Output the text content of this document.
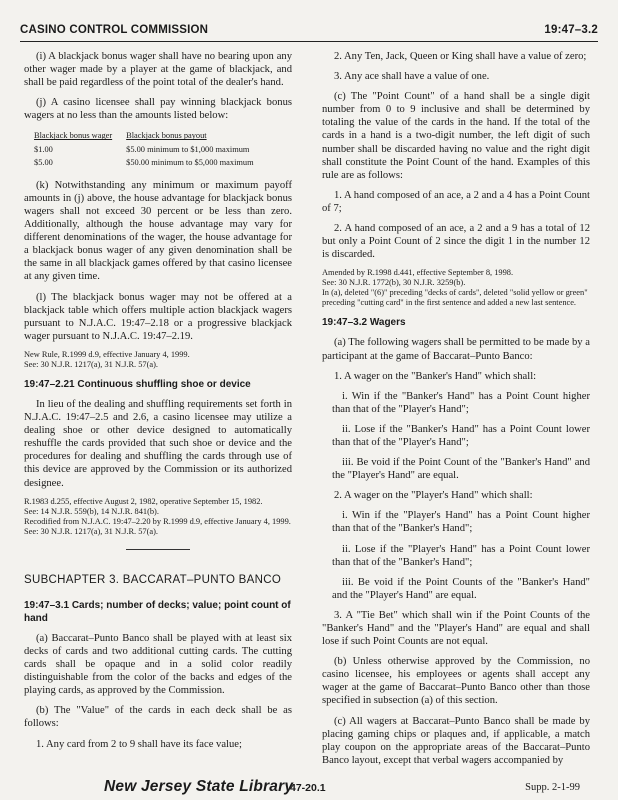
CASINO CONTROL COMMISSION	19:47–3.2

(i) A blackjack bonus wager shall have no bearing upon any other wager made by a player at the game of blackjack, and shall be paid regardless of the point total of the dealer's hand.

(j) A casino licensee shall pay winning blackjack bonus wagers at no less than the amounts listed below:

Blackjack bonus wager	Blackjack bonus payout
$1.00	$5.00 minimum to $1,000 maximum
$5.00	$50.00 minimum to $5,000 maximum

(k) Notwithstanding any minimum or maximum payoff amounts in (j) above, the house advantage for blackjack bonus wagers shall not exceed 30 percent or be less than zero. Additionally, although the house advantage may vary for different denominations of the wager, the house advantage for a blackjack bonus wager of any given denomination shall be the same in all blackjack games offered by that casino licensee at any given time.

(l) The blackjack bonus wager may not be offered at a blackjack table which offers multiple action blackjack wagers pursuant to N.J.A.C. 19:47–2.18 or a progressive blackjack wager pursuant to N.J.A.C. 19:47–2.19.

New Rule, R.1999 d.9, effective January 4, 1999.
See: 30 N.J.R. 1217(a), 31 N.J.R. 57(a).
19:47–2.21 Continuous shuffling shoe or device

In lieu of the dealing and shuffling requirements set forth in N.J.A.C. 19:47–2.5 and 2.6, a casino licensee may utilize a dealing shoe or other device designed to automatically reshuffle the cards provided that such shoe or device and the procedures for dealing and shuffling the cards through use of this device are approved by the Commission or its authorized designee.

R.1983 d.255, effective August 2, 1982, operative September 15, 1982.
See: 14 N.J.R. 559(b), 14 N.J.R. 841(b).
Recodified from N.J.A.C. 19:47–2.20 by R.1999 d.9, effective January 4, 1999.
See: 30 N.J.R. 1217(a), 31 N.J.R. 57(a).
SUBCHAPTER 3. BACCARAT–PUNTO BANCO
19:47–3.1 Cards; number of decks; value; point count of hand

(a) Baccarat–Punto Banco shall be played with at least six decks of cards and two additional cutting cards. The cutting cards shall be opaque and in a solid color readily distinguishable from the color of the backs and edges of the playing cards, as approved by the Commission.

(b) The "Value" of the cards in each deck shall be as follows:

1. Any card from 2 to 9 shall have its face value;

2. Any Ten, Jack, Queen or King shall have a value of zero;

3. Any ace shall have a value of one.

(c) The "Point Count" of a hand shall be a single digit number from 0 to 9 inclusive and shall be determined by totaling the value of the cards in the hand. If the total of the cards in a hand is a two-digit number, the left digit of such number shall be discarded having no value and the right digit shall constitute the Point Count of the hand. Examples of this rule are as follows:

1. A hand composed of an ace, a 2 and a 4 has a Point Count of 7;

2. A hand composed of an ace, a 2 and a 9 has a total of 12 but only a Point Count of 2 since the digit 1 in the number 12 is discarded.

Amended by R.1998 d.441, effective September 8, 1998.
See: 30 N.J.R. 1772(b), 30 N.J.R. 3259(b).
In (a), deleted "(6)" preceding "decks of cards", deleted "solid yellow or green" preceding "cutting card" in the first sentence and added a new last sentence.
19:47–3.2 Wagers

(a) The following wagers shall be permitted to be made by a participant at the game of Baccarat–Punto Banco:

1. A wager on the "Banker's Hand" which shall:

i. Win if the "Banker's Hand" has a Point Count higher than that of the "Player's Hand";

ii. Lose if the "Banker's Hand" has a Point Count lower than that of the "Player's Hand";

iii. Be void if the Point Count of the "Banker's Hand" and the "Player's Hand" are equal.

2. A wager on the "Player's Hand" which shall:

i. Win if the "Player's Hand" has a Point Count higher than that of the "Banker's Hand";

ii. Lose if the "Player's Hand" has a Point Count lower than that of the "Banker's Hand";

iii. Be void if the Point Counts of the "Banker's Hand" and the "Player's Hand" are equal.

3. A "Tie Bet" which shall win if the Point Counts of the "Banker's Hand" and the "Player's Hand" are equal and shall lose if such Point Counts are not equal.

(b) Unless otherwise approved by the Commission, no casino licensee, his employees or agents shall accept any wager at the game of Baccarat–Punto Banco other than those specified in subsection (a) of this section.

(c) All wagers at Baccarat–Punto Banco shall be made by placing gaming chips or plaques and, if applicable, a match play coupon on the appropriate areas of the Baccarat–Punto Banco layout, except that verbal wagers accompanied by

New Jersey State Library
47-20.1	Supp. 2-1-99
